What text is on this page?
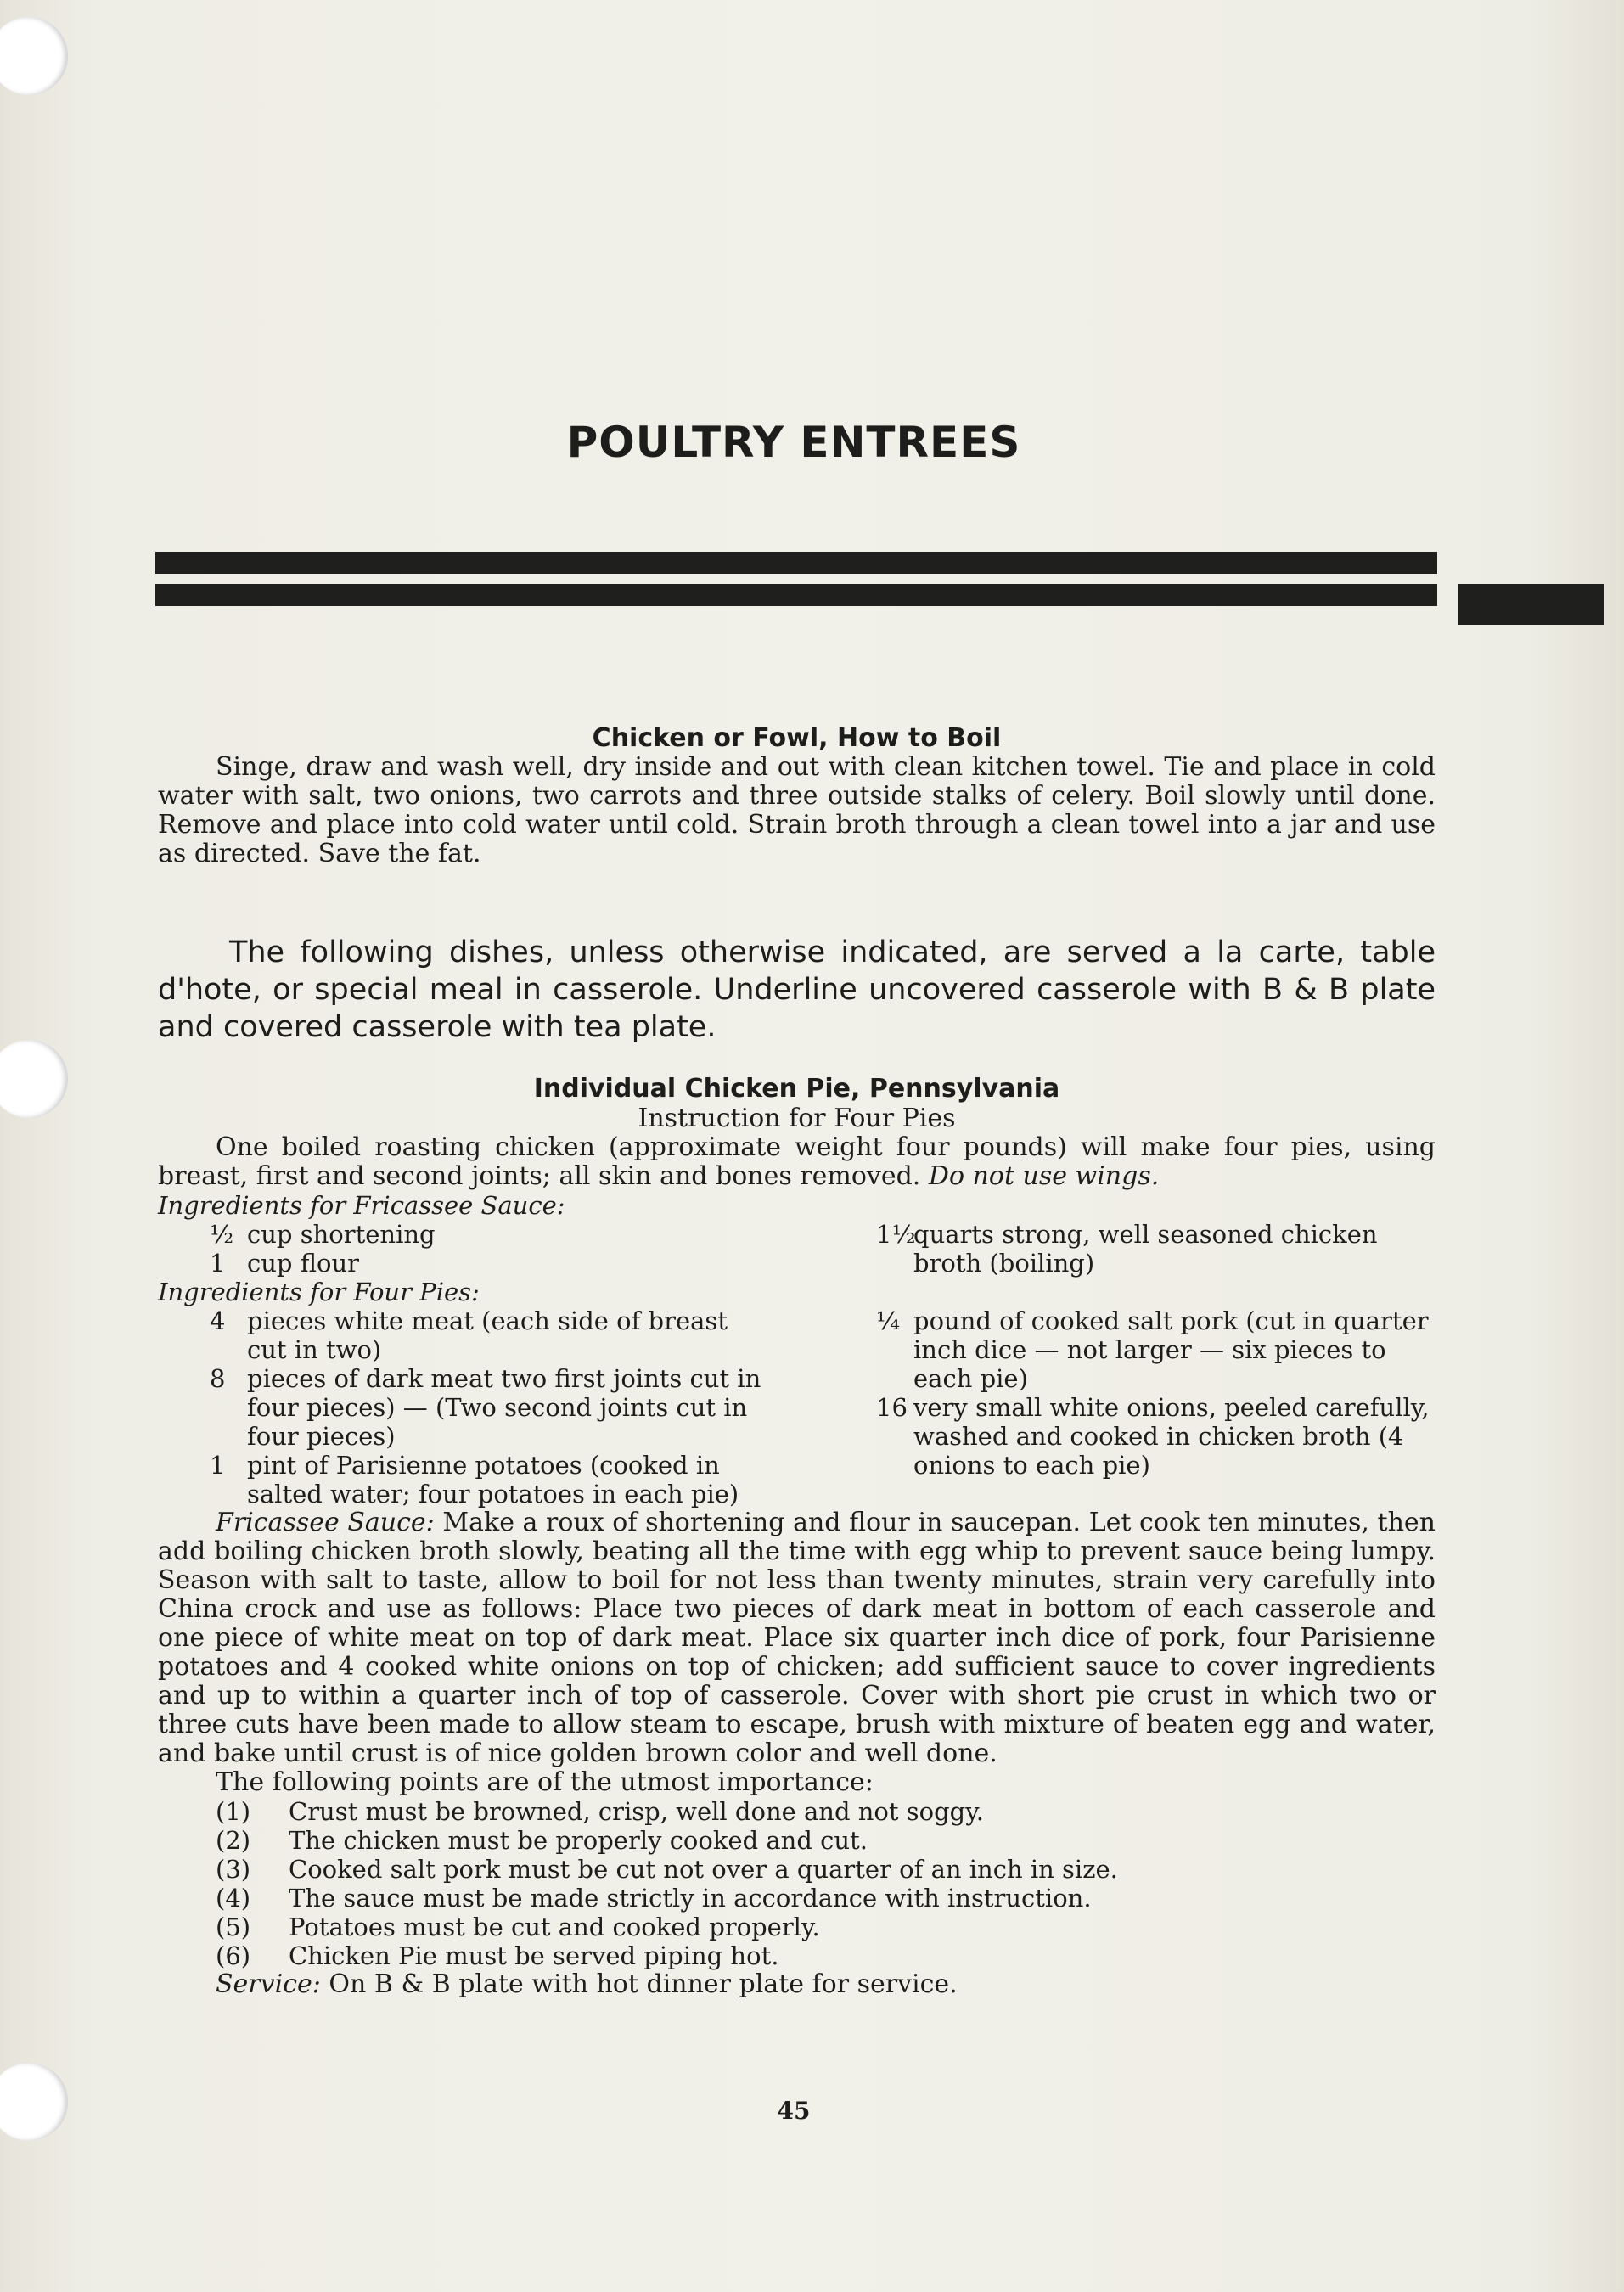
POULTRY ENTREES

Chicken or Fowl, How to Boil

Singe, draw and wash well, dry inside and out with clean kitchen towel. Tie and place in cold water with salt, two onions, two carrots and three outside stalks of celery. Boil slowly until done. Remove and place into cold water until cold. Strain broth through a clean towel into a jar and use as directed. Save the fat.

The following dishes, unless otherwise indicated, are served a la carte, table d'hote, or special meal in casserole. Underline uncovered casserole with B & B plate and covered casserole with tea plate.

Individual Chicken Pie, Pennsylvania

Instruction for Four Pies

One boiled roasting chicken (approximate weight four pounds) will make four pies, using breast, first and second joints; all skin and bones removed. Do not use wings.

Ingredients for Fricassee Sauce:

½ cup shortening

1 cup flour

1½quarts strong, well seasoned chicken broth (boiling)

Ingredients for Four Pies:

4 pieces white meat (each side of breast cut in two)

8 pieces of dark meat two first joints cut in four pieces) — (Two second joints cut in four pieces)

1 pint of Parisienne potatoes (cooked in salted water; four potatoes in each pie)

¼ pound of cooked salt pork (cut in quarter inch dice — not larger — six pieces to each pie)

16 very small white onions, peeled carefully, washed and cooked in chicken broth (4 onions to each pie)

Fricassee Sauce: Make a roux of shortening and flour in saucepan. Let cook ten minutes, then add boiling chicken broth slowly, beating all the time with egg whip to prevent sauce being lumpy. Season with salt to taste, allow to boil for not less than twenty minutes, strain very carefully into China crock and use as follows: Place two pieces of dark meat in bottom of each casserole and one piece of white meat on top of dark meat. Place six quarter inch dice of pork, four Parisienne potatoes and 4 cooked white onions on top of chicken; add sufficient sauce to cover ingredients and up to within a quarter inch of top of casserole. Cover with short pie crust in which two or three cuts have been made to allow steam to escape, brush with mixture of beaten egg and water, and bake until crust is of nice golden brown color and well done.

The following points are of the utmost importance:

(1) Crust must be browned, crisp, well done and not soggy.

(2) The chicken must be properly cooked and cut.

(3) Cooked salt pork must be cut not over a quarter of an inch in size.

(4) The sauce must be made strictly in accordance with instruction.

(5) Potatoes must be cut and cooked properly.

(6) Chicken Pie must be served piping hot.

Service: On B & B plate with hot dinner plate for service.

45
